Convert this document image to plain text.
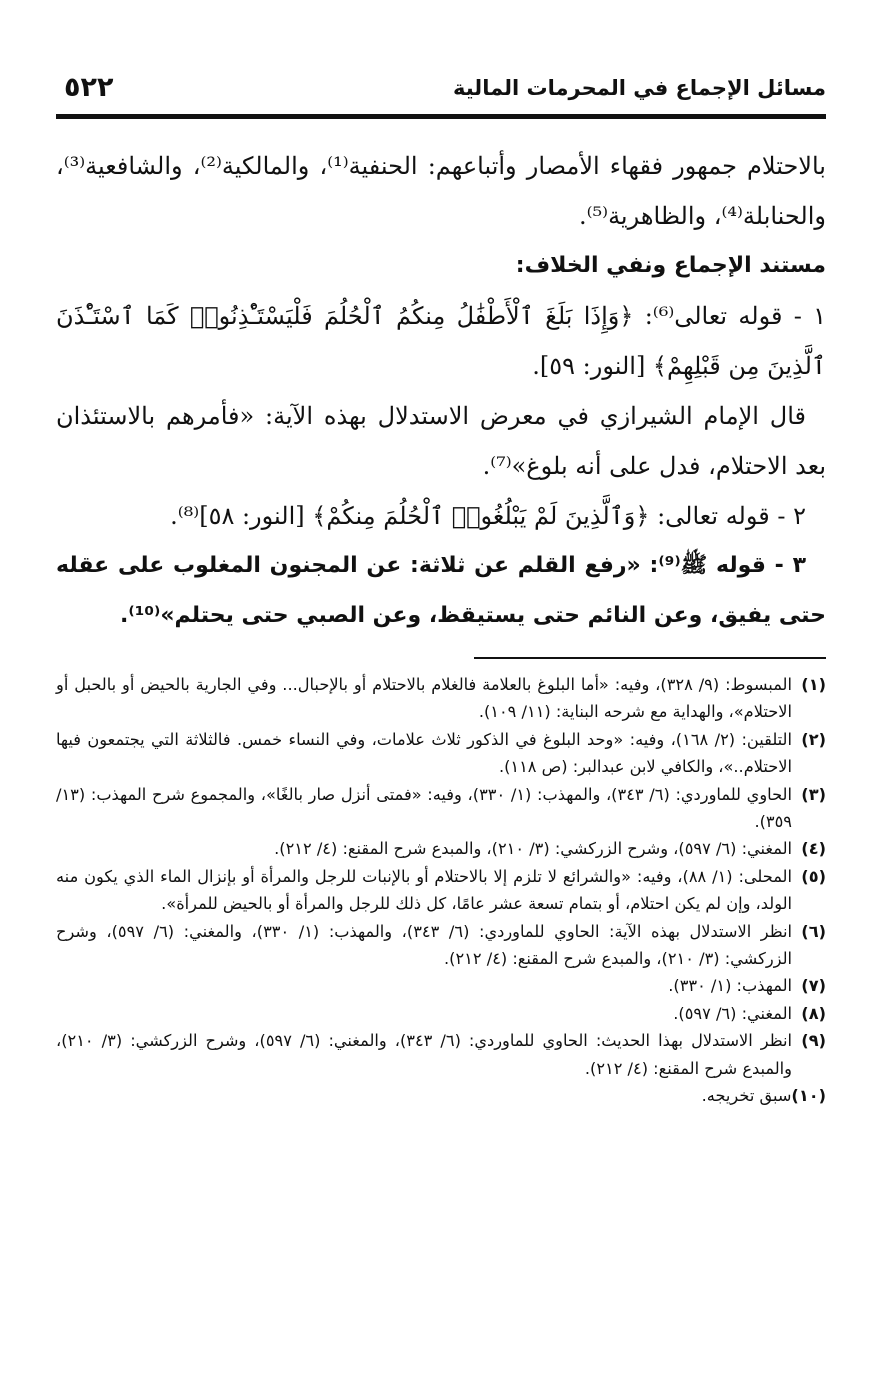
مسائل الإجماع في المحرمات المالية
٥٢٢

بالاحتلام جمهور فقهاء الأمصار وأتباعهم: الحنفية⁽¹⁾، والمالكية⁽²⁾، والشافعية⁽³⁾، والحنابلة⁽⁴⁾، والظاهرية⁽⁵⁾.

مستند الإجماع ونفي الخلاف:

١ - قوله تعالى⁽⁶⁾: ﴿وَإِذَا بَلَغَ ٱلْأَطْفَٰلُ مِنكُمُ ٱلْحُلُمَ فَلْيَسْتَـْٔذِنُوا۟ كَمَا ٱسْتَـْٔذَنَ ٱلَّذِينَ مِن قَبْلِهِمْ﴾ [النور: ٥٩].

قال الإمام الشيرازي في معرض الاستدلال بهذه الآية: «فأمرهم بالاستئذان بعد الاحتلام، فدل على أنه بلوغ»⁽⁷⁾.

٢ - قوله تعالى: ﴿وَٱلَّذِينَ لَمْ يَبْلُغُوا۟ ٱلْحُلُمَ مِنكُمْ﴾ [النور: ٥٨]⁽⁸⁾.

٣ - قوله ﷺ⁽⁹⁾: «رفع القلم عن ثلاثة: عن المجنون المغلوب على عقله حتى يفيق، وعن النائم حتى يستيقظ، وعن الصبي حتى يحتلم»⁽¹⁰⁾.

(١)
المبسوط: (٩/ ٣٢٨)، وفيه: «أما البلوغ بالعلامة فالغلام بالاحتلام أو بالإحبال... وفي الجارية بالحيض أو بالحبل أو الاحتلام»، والهداية مع شرحه البناية: (١١/ ١٠٩).
(٢)
التلقين: (٢/ ١٦٨)، وفيه: «وحد البلوغ في الذكور ثلاث علامات، وفي النساء خمس. فالثلاثة التي يجتمعون فيها الاحتلام..»، والكافي لابن عبدالبر: (ص ١١٨).
(٣)
الحاوي للماوردي: (٦/ ٣٤٣)، والمهذب: (١/ ٣٣٠)، وفيه: «فمتى أنزل صار بالغًا»، والمجموع شرح المهذب: (١٣/ ٣٥٩).
(٤)
المغني: (٦/ ٥٩٧)، وشرح الزركشي: (٣/ ٢١٠)، والمبدع شرح المقنع: (٤/ ٢١٢).
(٥)
المحلى: (١/ ٨٨)، وفيه: «والشرائع لا تلزم إلا بالاحتلام أو بالإنبات للرجل والمرأة أو بإنزال الماء الذي يكون منه الولد، وإن لم يكن احتلام، أو بتمام تسعة عشر عامًا، كل ذلك للرجل والمرأة أو بالحيض للمرأة».
(٦)
انظر الاستدلال بهذه الآية: الحاوي للماوردي: (٦/ ٣٤٣)، والمهذب: (١/ ٣٣٠)، والمغني: (٦/ ٥٩٧)، وشرح الزركشي: (٣/ ٢١٠)، والمبدع شرح المقنع: (٤/ ٢١٢).
(٧)
المهذب: (١/ ٣٣٠).
(٨)
المغني: (٦/ ٥٩٧).
(٩)
انظر الاستدلال بهذا الحديث: الحاوي للماوردي: (٦/ ٣٤٣)، والمغني: (٦/ ٥٩٧)، وشرح الزركشي: (٣/ ٢١٠)، والمبدع شرح المقنع: (٤/ ٢١٢).
(١٠)
سبق تخريجه.
